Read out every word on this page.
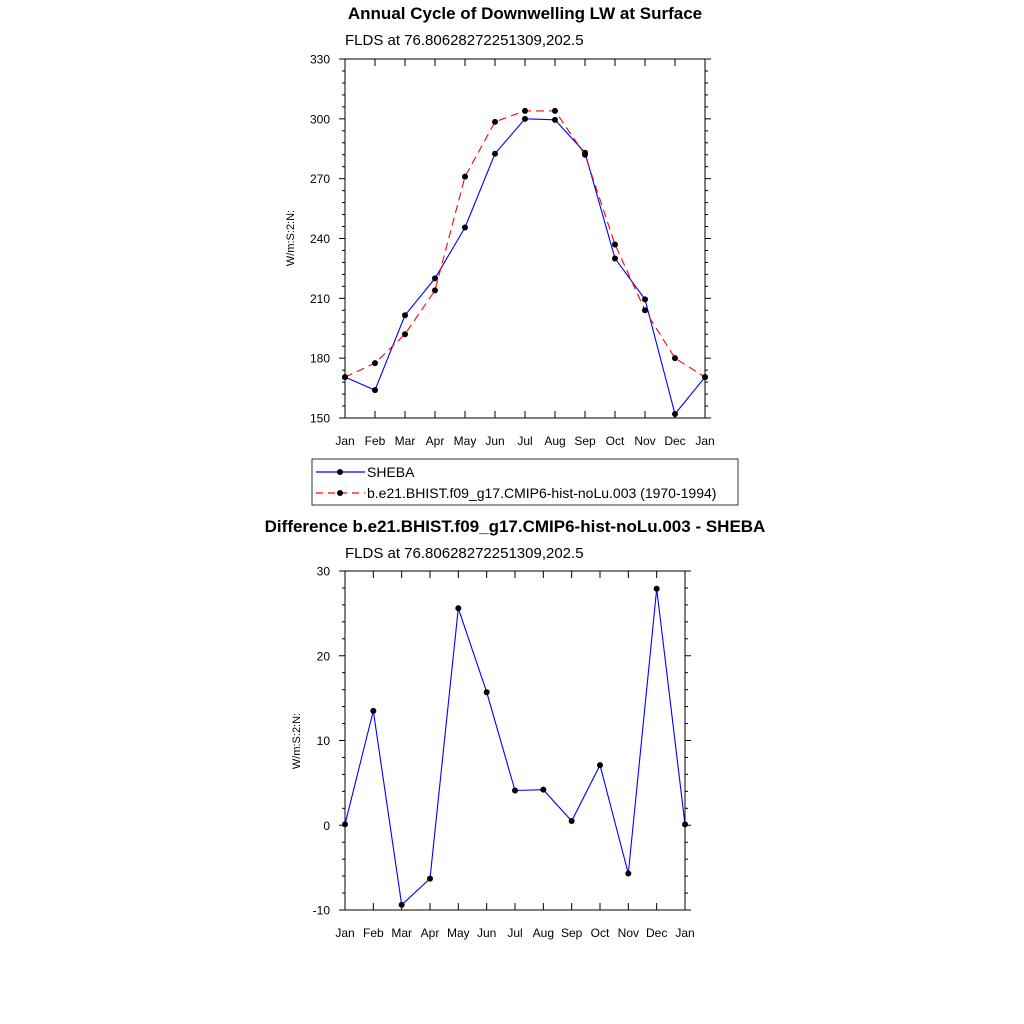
Annual Cycle of Downwelling LW at Surface
FLDS at 76.80628272251309,202.5
W/m:S:2:N:
Jan Feb Mar Apr May Jun Jul Aug Sep Oct Nov Dec Jan
150
180
210
240
270
300
330
SHEBA
b.e21.BHIST.f09_g17.CMIP6-hist-noLu.003 (1970-1994)
Difference b.e21.BHIST.f09_g17.CMIP6-hist-noLu.003 - SHEBA
FLDS at 76.80628272251309,202.5
W/m:S:2:N:
Jan Feb Mar Apr May Jun Jul Aug Sep Oct Nov Dec Jan
-10
0
10
20
30
